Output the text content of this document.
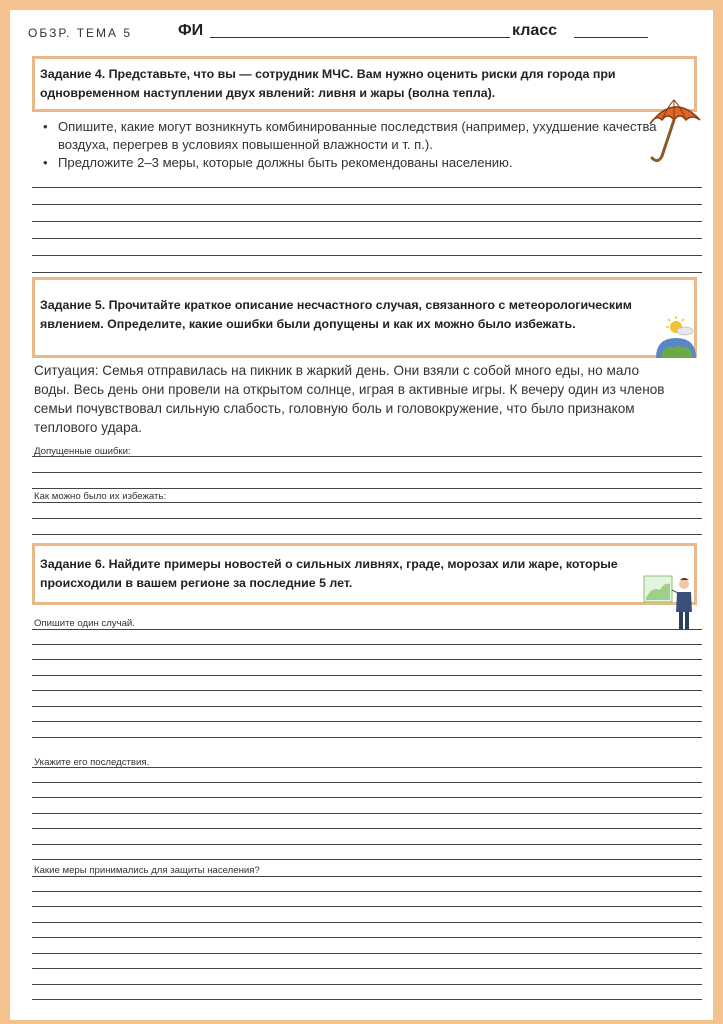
ОБЗР. ТЕМА 5	ФИ	класс
Задание 4. Представьте, что вы — сотрудник МЧС. Вам нужно оценить риски для города при одновременном наступлении двух явлений: ливня и жары (волна тепла).
• Опишите, какие могут возникнуть комбинированные последствия (например, ухудшение качества воздуха, перегрев в условиях повышенной влажности и т. п.).
• Предложите 2–3 меры, которые должны быть рекомендованы населению.
Задание 5. Прочитайте краткое описание несчастного случая, связанного с метеорологическим явлением. Определите, какие ошибки были допущены и как их можно было избежать.
Ситуация: Семья отправилась на пикник в жаркий день. Они взяли с собой много еды, но мало воды. Весь день они провели на открытом солнце, играя в активные игры. К вечеру один из членов семьи почувствовал сильную слабость, головную боль и головокружение, что было признаком теплового удара.
Допущенные ошибки:
Как можно было их избежать:
Задание 6. Найдите примеры новостей о сильных ливнях, граде, морозах или жаре, которые происходили в вашем регионе за последние 5 лет.
Опишите один случай.
Укажите его последствия.
Какие меры принимались для защиты населения?
